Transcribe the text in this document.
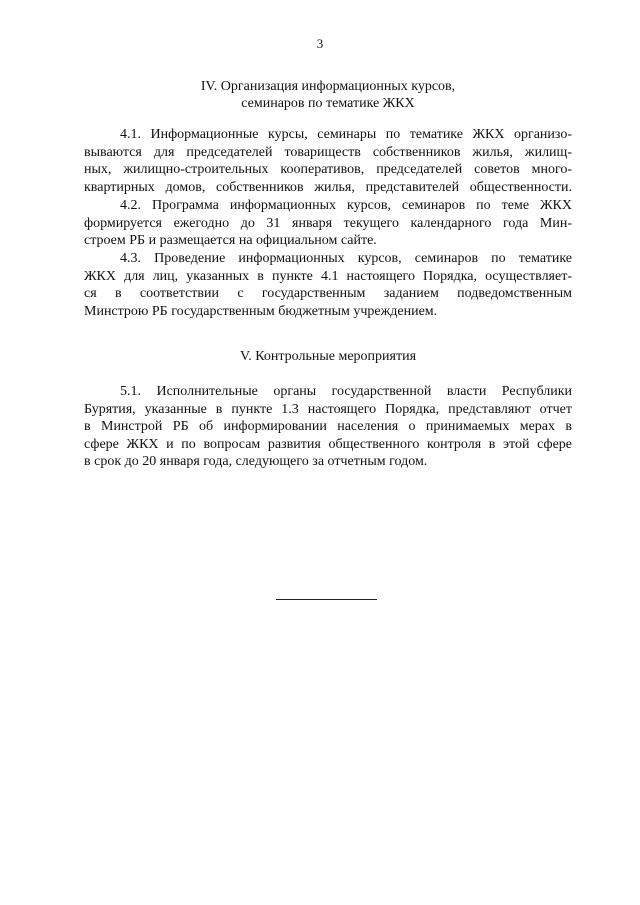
3
IV. Организация информационных курсов,
семинаров по тематике ЖКХ
4.1. Информационные курсы, семинары по тематике ЖКХ организо-
вываются для председателей товариществ собственников жилья, жилищ-
ных, жилищно-строительных кооперативов, председателей советов много-
квартирных домов, собственников жилья, представителей общественности.
4.2. Программа информационных курсов, семинаров по теме ЖКХ
формируется ежегодно до 31 января текущего календарного года Мин-
строем РБ и размещается на официальном сайте.
4.3. Проведение информационных курсов, семинаров по тематике
ЖКХ для лиц, указанных в пункте 4.1 настоящего Порядка, осуществляет-
ся в соответствии с государственным заданием подведомственным
Минстрою РБ государственным бюджетным учреждением.
V. Контрольные мероприятия
5.1. Исполнительные органы государственной власти Республики
Бурятия, указанные в пункте 1.3 настоящего Порядка, представляют отчет
в Минстрой РБ об информировании населения о принимаемых мерах в
сфере ЖКХ и по вопросам развития общественного контроля в этой сфере
в срок до 20 января года, следующего за отчетным годом.
